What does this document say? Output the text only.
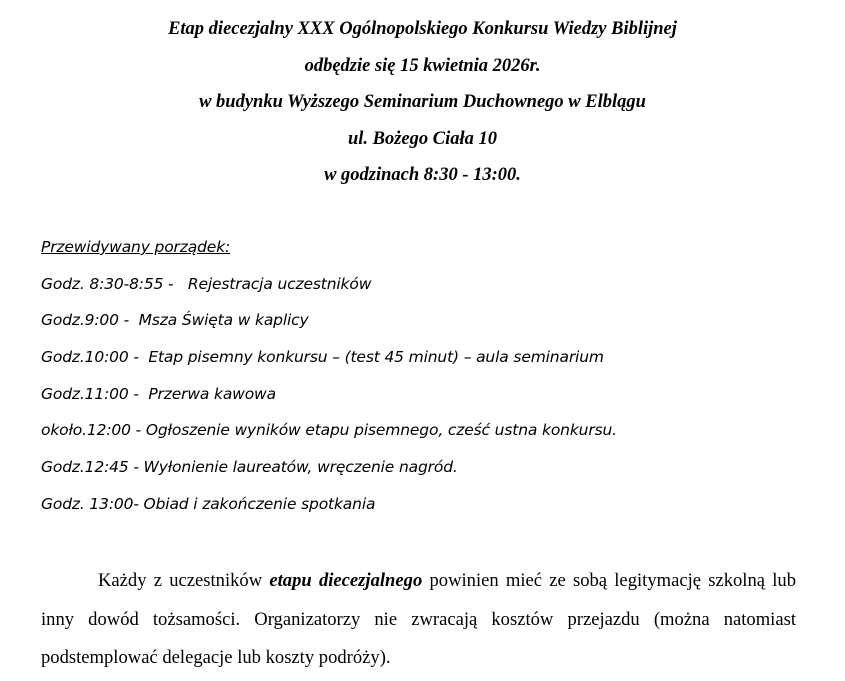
Etap diecezjalny XXX Ogólnopolskiego Konkursu Wiedzy Biblijnej
odbędzie się 15 kwietnia 2026r.
w budynku Wyższego Seminarium Duchownego w Elblągu
ul. Bożego Ciała 10
w godzinach 8:30 - 13:00.
Przewidywany porządek:
Godz. 8:30-8:55 -   Rejestracja uczestników
Godz.9:00 -  Msza Święta w kaplicy
Godz.10:00 -  Etap pisemny konkursu – (test 45 minut) – aula seminarium
Godz.11:00 -  Przerwa kawowa
około.12:00 - Ogłoszenie wyników etapu pisemnego, cześć ustna konkursu.
Godz.12:45 - Wyłonienie laureatów, wręczenie nagród.
Godz. 13:00- Obiad i zakończenie spotkania

Każdy z uczestników etapu diecezjalnego powinien mieć ze sobą legitymację szkolną lub inny dowód tożsamości. Organizatorzy nie zwracają kosztów przejazdu (można natomiast podstemplować delegacje lub koszty podróży).
